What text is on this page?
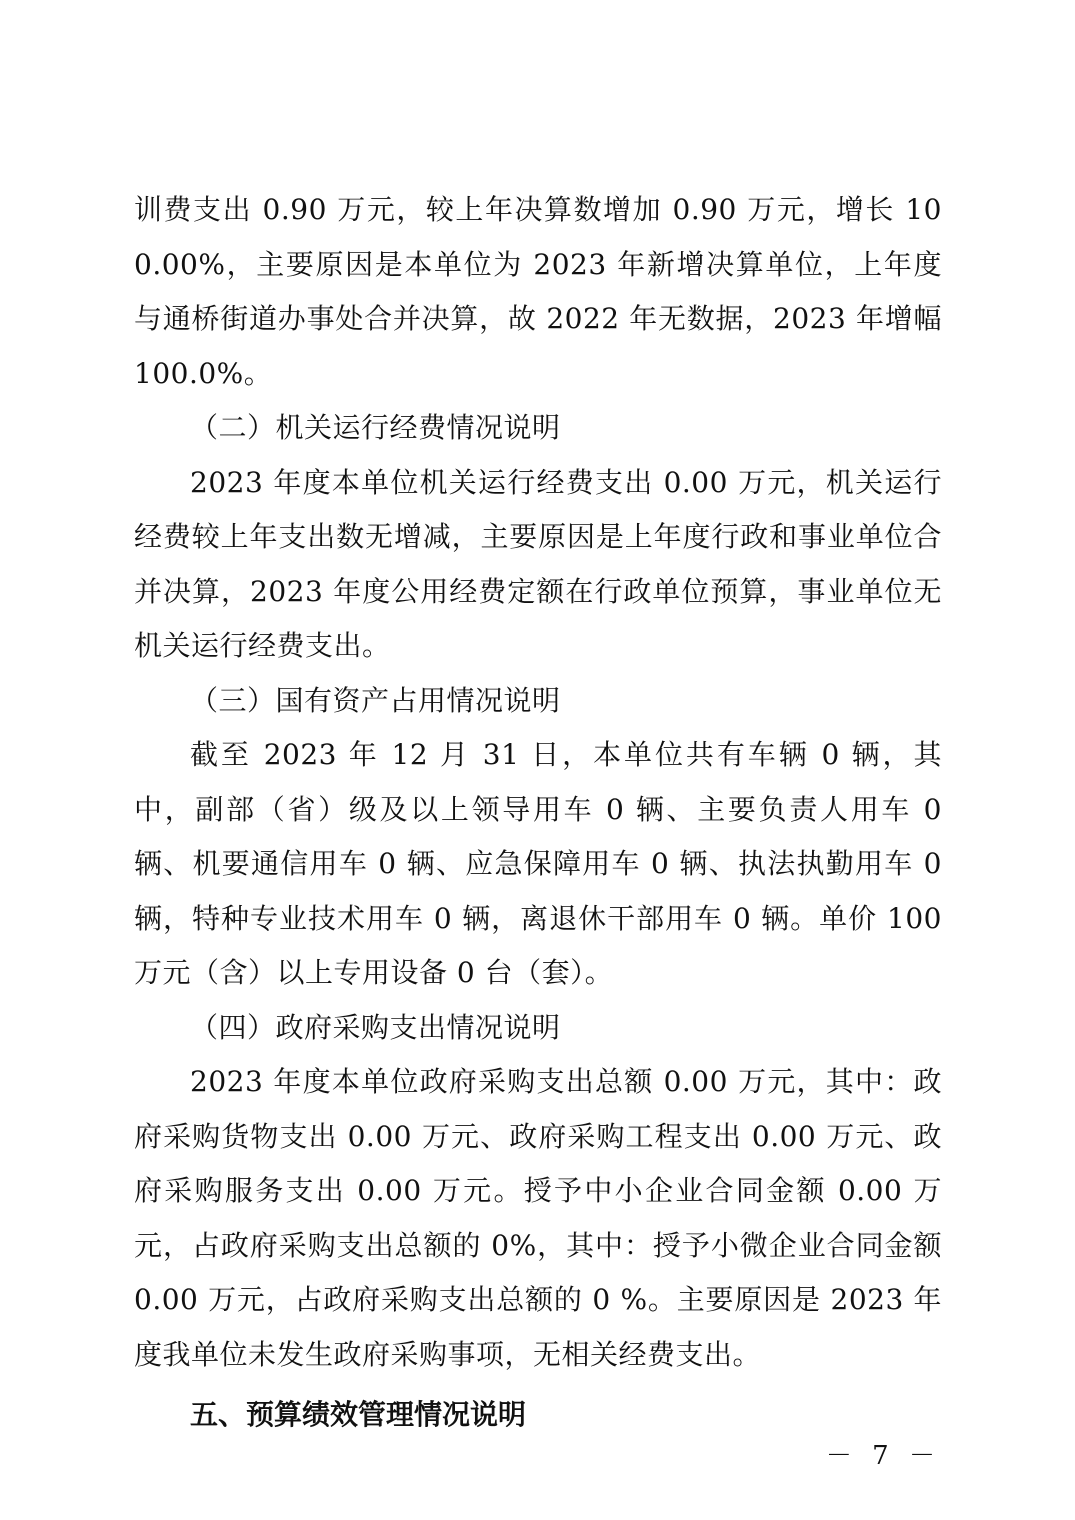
训费支出 0.90 万元，较上年决算数增加 0.90 万元，增长 100.00%，主要原因是本单位为 2023 年新增决算单位，上年度与通桥街道办事处合并决算，故 2022 年无数据，2023 年增幅 100.0%。

（二）机关运行经费情况说明

2023 年度本单位机关运行经费支出 0.00 万元，机关运行经费较上年支出数无增减，主要原因是上年度行政和事业单位合并决算，2023 年度公用经费定额在行政单位预算，事业单位无机关运行经费支出。

（三）国有资产占用情况说明

截至 2023 年 12 月 31 日，本单位共有车辆 0 辆，其中，副部（省）级及以上领导用车 0 辆、主要负责人用车 0 辆、机要通信用车 0 辆、应急保障用车 0 辆、执法执勤用车 0 辆，特种专业技术用车 0 辆，离退休干部用车 0 辆。单价 100 万元（含）以上专用设备 0 台（套）。

（四）政府采购支出情况说明

2023 年度本单位政府采购支出总额 0.00 万元，其中：政府采购货物支出 0.00 万元、政府采购工程支出 0.00 万元、政府采购服务支出 0.00 万元。授予中小企业合同金额 0.00 万元，占政府采购支出总额的 0%，其中：授予小微企业合同金额 0.00 万元，占政府采购支出总额的 0 %。主要原因是 2023 年度我单位未发生政府采购事项，无相关经费支出。

五、预算绩效管理情况说明

－ 7 －
